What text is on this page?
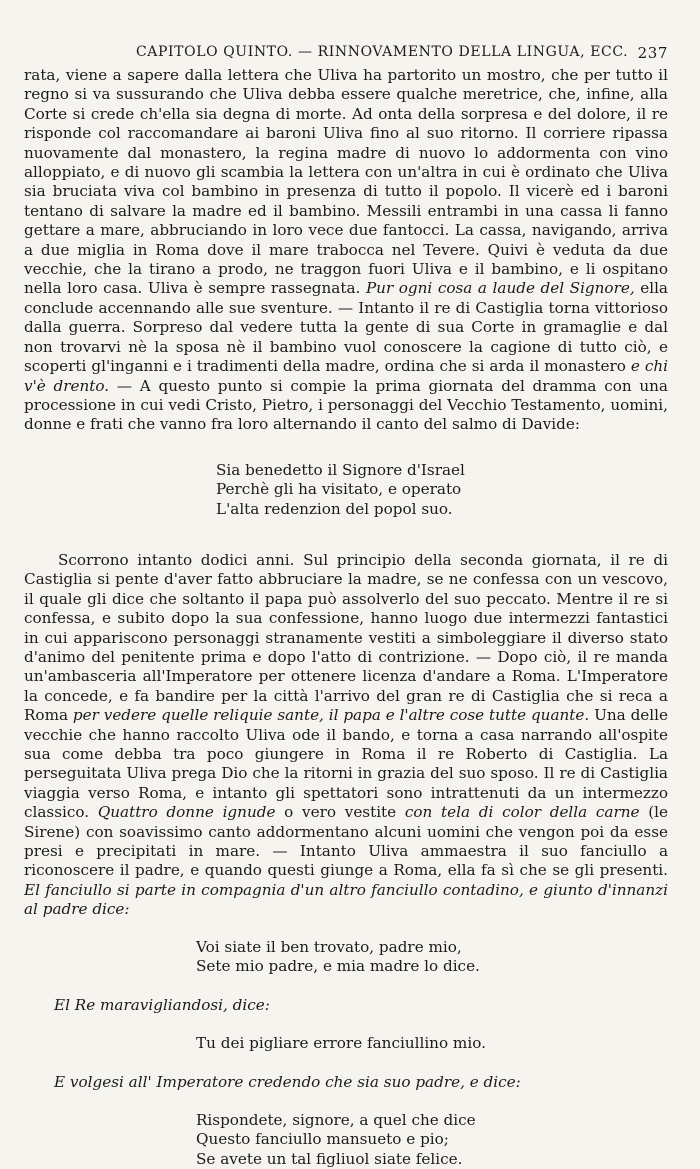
CAPITOLO QUINTO. — RINNOVAMENTO DELLA LINGUA, ECC. 237

rata, viene a sapere dalla lettera che Uliva ha partorito un mostro, che per tutto il regno si va sussurando che Uliva debba essere qualche meretrice, che, infine, alla Corte si crede ch'ella sia degna di morte. Ad onta della sorpresa e del dolore, il re risponde col raccomandare ai baroni Uliva fino al suo ritorno. Il corriere ripassa nuovamente dal monastero, la regina madre di nuovo lo addormenta con vino alloppiato, e di nuovo gli scambia la lettera con un'altra in cui è ordinato che Uliva sia bruciata viva col bambino in presenza di tutto il popolo. Il vicerè ed i baroni tentano di salvare la madre ed il bambino. Messili entrambi in una cassa li fanno gettare a mare, abbruciando in loro vece due fantocci. La cassa, navigando, arriva a due miglia in Roma dove il mare trabocca nel Tevere. Quivi è veduta da due vecchie, che la tirano a prodo, ne traggon fuori Uliva e il bambino, e li ospitano nella loro casa. Uliva è sempre rassegnata. Pur ogni cosa a laude del Signore, ella conclude accennando alle sue sventure. — Intanto il re di Castiglia torna vittorioso dalla guerra. Sorpreso dal vedere tutta la gente di sua Corte in gramaglie e dal non trovarvi nè la sposa nè il bambino vuol conoscere la cagione di tutto ciò, e scoperti gl'inganni e i tradimenti della madre, ordina che si arda il monastero e chi v'è drento. — A questo punto si compie la prima giornata del dramma con una processione in cui vedi Cristo, Pietro, i personaggi del Vecchio Testamento, uomini, donne e frati che vanno fra loro alternando il canto del salmo di Davide:

Sia benedetto il Signore d'Israel
Perchè gli ha visitato, e operato
L'alta redenzion del popol suo.

Scorrono intanto dodici anni. Sul principio della seconda giornata, il re di Castiglia si pente d'aver fatto abbruciare la madre, se ne confessa con un vescovo, il quale gli dice che soltanto il papa può assolverlo del suo peccato. Mentre il re si confessa, e subito dopo la sua confessione, hanno luogo due intermezzi fantastici in cui appariscono personaggi stranamente vestiti a simboleggiare il diverso stato d'animo del penitente prima e dopo l'atto di contrizione. — Dopo ciò, il re manda un'ambasceria all'Imperatore per ottenere licenza d'andare a Roma. L'Imperatore la concede, e fa bandire per la città l'arrivo del gran re di Castiglia che si reca a Roma per vedere quelle reliquie sante, il papa e l'altre cose tutte quante. Una delle vecchie che hanno raccolto Uliva ode il bando, e torna a casa narrando all'ospite sua come debba tra poco giungere in Roma il re Roberto di Castiglia. La perseguitata Uliva prega Dio che la ritorni in grazia del suo sposo. Il re di Castiglia viaggia verso Roma, e intanto gli spettatori sono intrattenuti da un intermezzo classico. Quattro donne ignude o vero vestite con tela di color della carne (le Sirene) con soavissimo canto addormentano alcuni uomini che vengon poi da esse presi e precipitati in mare. — Intanto Uliva ammaestra il suo fanciullo a riconoscere il padre, e quando questi giunge a Roma, ella fa sì che se gli presenti. El fanciullo si parte in compagnia d'un altro fanciullo contadino, e giunto d'innanzi al padre dice:

Voi siate il ben trovato, padre mio,
Sete mio padre, e mia madre lo dice.

El Re maravigliandosi, dice:

Tu dei pigliare errore fanciullino mio.

E volgesi all' Imperatore credendo che sia suo padre, e dice:

Rispondete, signore, a quel che dice
Questo fanciullo mansueto e pio;
Se avete un tal figliuol siate felice.
